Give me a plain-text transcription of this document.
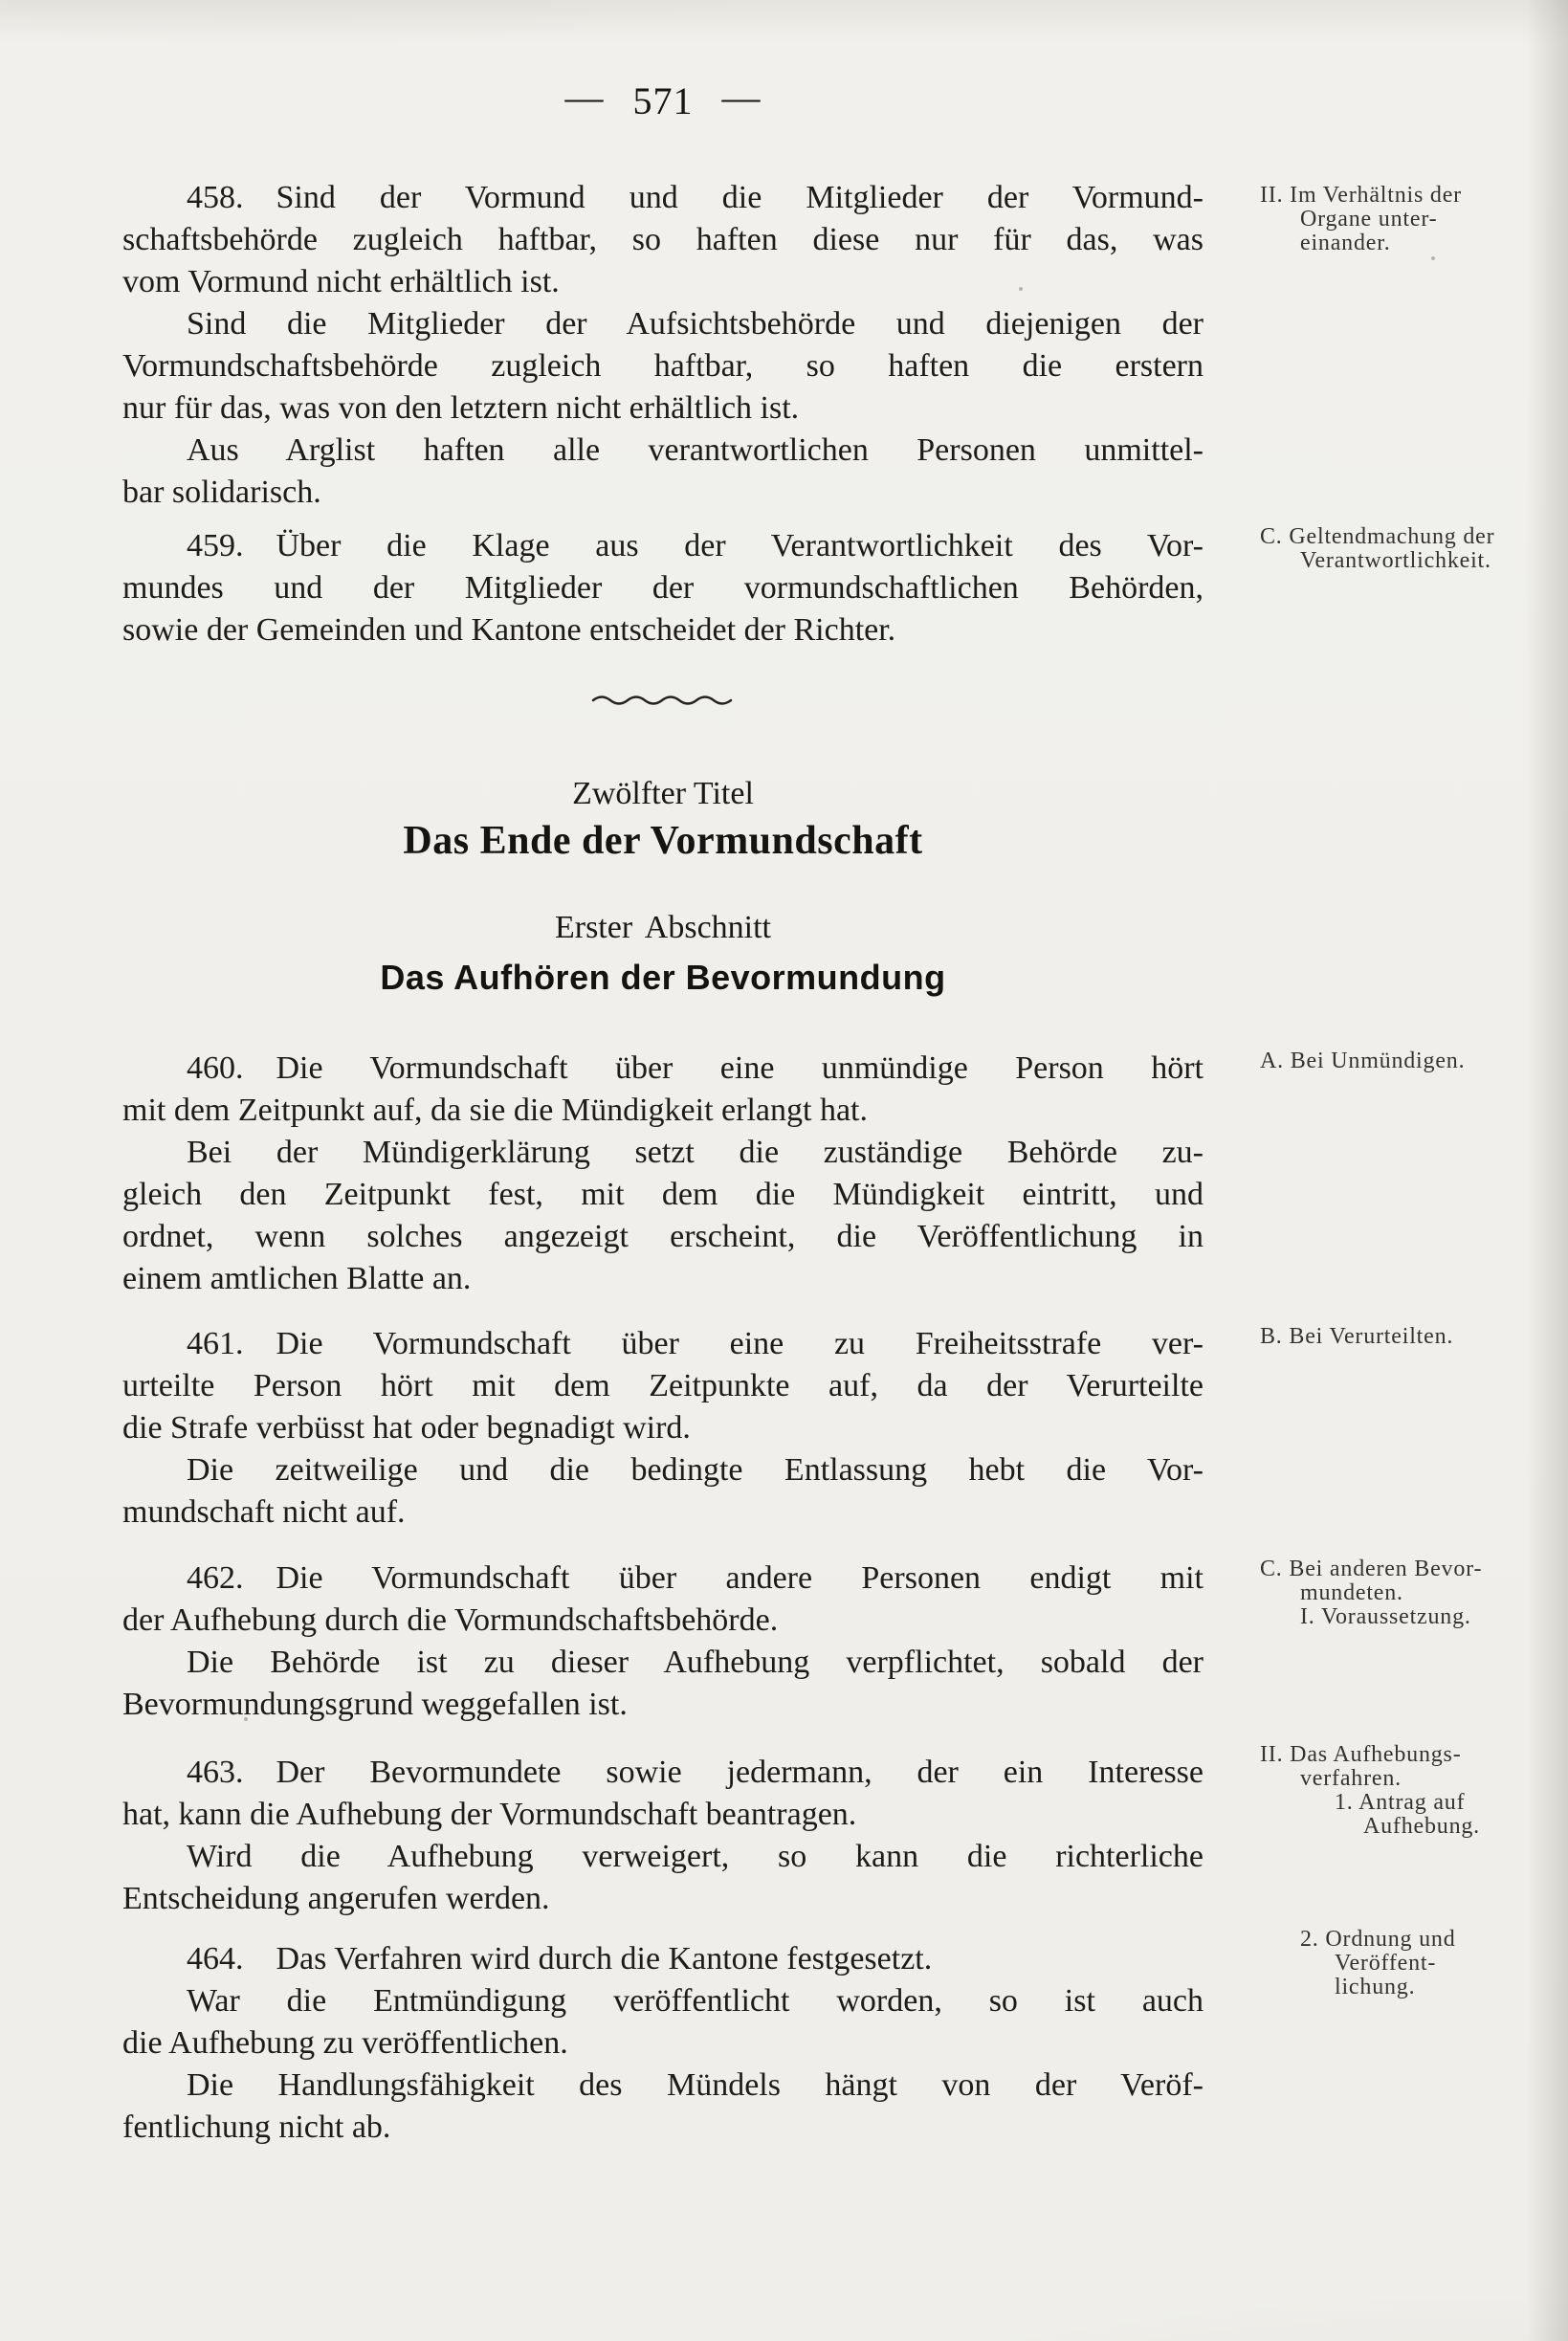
— 571 —
Zwölfter Titel
Das Ende der Vormundschaft
Erster Abschnitt
Das Aufhören der Bevormundung
458. Sind der Vormund und die Mitglieder der Vormund-
schaftsbehörde zugleich haftbar, so haften diese nur für das, was
vom Vormund nicht erhältlich ist.
Sind die Mitglieder der Aufsichtsbehörde und diejenigen der
Vormundschaftsbehörde zugleich haftbar, so haften die erstern
nur für das, was von den letztern nicht erhältlich ist.
Aus Arglist haften alle verantwortlichen Personen unmittel-
bar solidarisch.
459. Über die Klage aus der Verantwortlichkeit des Vor-
mundes und der Mitglieder der vormundschaftlichen Behörden,
sowie der Gemeinden und Kantone entscheidet der Richter.
460. Die Vormundschaft über eine unmündige Person hört
mit dem Zeitpunkt auf, da sie die Mündigkeit erlangt hat.
Bei der Mündigerklärung setzt die zuständige Behörde zu-
gleich den Zeitpunkt fest, mit dem die Mündigkeit eintritt, und
ordnet, wenn solches angezeigt erscheint, die Veröffentlichung in
einem amtlichen Blatte an.
461. Die Vormundschaft über eine zu Freiheitsstrafe ver-
urteilte Person hört mit dem Zeitpunkte auf, da der Verurteilte
die Strafe verbüsst hat oder begnadigt wird.
Die zeitweilige und die bedingte Entlassung hebt die Vor-
mundschaft nicht auf.
462. Die Vormundschaft über andere Personen endigt mit
der Aufhebung durch die Vormundschaftsbehörde.
Die Behörde ist zu dieser Aufhebung verpflichtet, sobald der
Bevormundungsgrund weggefallen ist.
463. Der Bevormundete sowie jedermann, der ein Interesse
hat, kann die Aufhebung der Vormundschaft beantragen.
Wird die Aufhebung verweigert, so kann die richterliche
Entscheidung angerufen werden.
464. Das Verfahren wird durch die Kantone festgesetzt.
War die Entmündigung veröffentlicht worden, so ist auch
die Aufhebung zu veröffentlichen.
Die Handlungsfähigkeit des Mündels hängt von der Veröf-
fentlichung nicht ab.
II. Im Verhältnis der
Organe unter-
einander.
C. Geltendmachung der
Verantwortlichkeit.
A. Bei Unmündigen.
B. Bei Verurteilten.
C. Bei anderen Bevor-
mundeten.
I. Voraussetzung.
II. Das Aufhebungs-
verfahren.
1. Antrag auf
Aufhebung.
2. Ordnung und
Veröffent-
lichung.
